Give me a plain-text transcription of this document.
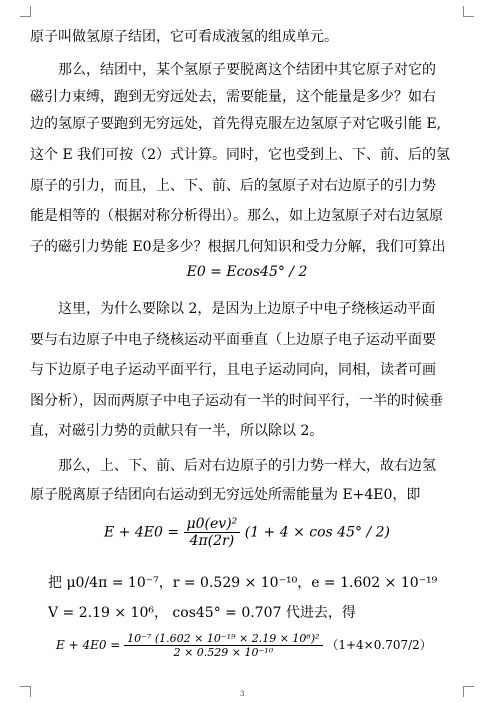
原子叫做氢原子结团，它可看成液氢的组成单元。
那么，结团中，某个氢原子要脱离这个结团中其它原子对它的
磁引力束缚，跑到无穷远处去，需要能量，这个能量是多少？如右
边的氢原子要跑到无穷远处，首先得克服左边氢原子对它吸引能 E,
这个 E 我们可按（2）式计算。同时，它也受到上、下、前、后的氢
原子的引力，而且，上、下、前、后的氢原子对右边原子的引力势
能是相等的（根据对称分析得出）。那么，如上边氢原子对右边氢原
子的磁引力势能 E0是多少？根据几何知识和受力分解，我们可算出
E0 = Ecos45° / 2
这里，为什么要除以 2，是因为上边原子中电子绕核运动平面
要与右边原子中电子绕核运动平面垂直（上边原子电子运动平面要
与下边原子电子运动平面平行，且电子运动同向，同相，读者可画
图分析），因而两原子中电子运动有一半的时间平行，一半的时候垂
直，对磁引力势的贡献只有一半，所以除以 2。
那么，上、下、前、后对右边原子的引力势一样大，故右边氢
原子脱离原子结团向右运动到无穷远处所需能量为 E+4E0，即
$E + 4E0 = \frac{\text{μ0(ev)²}}{4\pi(2r)} (1 + 4 \times \cos 45^\circ / 2)$
把 μ0/4π = 10⁻⁷，r = 0.529 × 10⁻¹⁰，e = 1.602 × 10⁻¹⁹
V = 2.19 × 10⁶， cos45° = 0.707 代进去，得
$E + 4E0 = \frac{\text{10⁻⁷ (1.602 × 10⁻¹⁹ × 2.19 × 10⁶)²}}{\text{2 × 0.529 × 10⁻¹⁰}} (1+4\times 0.707/2)$
3
